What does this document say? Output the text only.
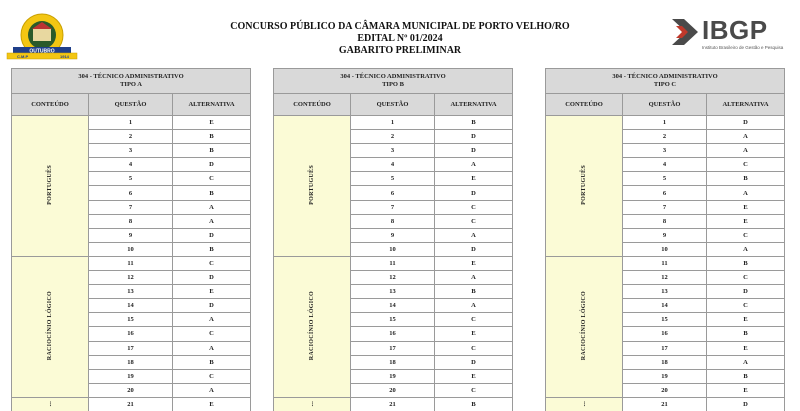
OUTUBRO
C.M.P	1914
CONCURSO PÚBLICO DA CÂMARA MUNICIPAL DE PORTO VELHO/RO
EDITAL Nº 01/2024
GABARITO PRELIMINAR
IBGP
Instituto Brasileiro de Gestão e Pesquisa
304 - TÉCNICO ADMINISTRATIVO
TIPO A		

CONTEÚDO	QUESTÃO	ALTERNATIVA
PORTUGUÊS	1	E
	2	B
	3	B
	4	D
	5	C
	6	B
	7	A
	8	A
	9	D
	10	B
RACIOCÍNIO LÓGICO	11	C
	12	D
	13	E
	14	D
	15	A
	16	C
	17	A
	18	B
	19	C
	20	A
...	21	E
304 - TÉCNICO ADMINISTRATIVO
TIPO B		

CONTEÚDO	QUESTÃO	ALTERNATIVA
PORTUGUÊS	1	B
	2	D
	3	D
	4	A
	5	E
	6	D
	7	C
	8	C
	9	A
	10	D
RACIOCÍNIO LÓGICO	11	E
	12	A
	13	B
	14	A
	15	C
	16	E
	17	C
	18	D
	19	E
	20	C
...	21	B
304 - TÉCNICO ADMINISTRATIVO
TIPO C		

CONTEÚDO	QUESTÃO	ALTERNATIVA
PORTUGUÊS	1	D
	2	A
	3	A
	4	C
	5	B
	6	A
	7	E
	8	E
	9	C
	10	A
RACIOCÍNIO LÓGICO	11	B
	12	C
	13	D
	14	C
	15	E
	16	B
	17	E
	18	A
	19	B
	20	E
...	21	D
